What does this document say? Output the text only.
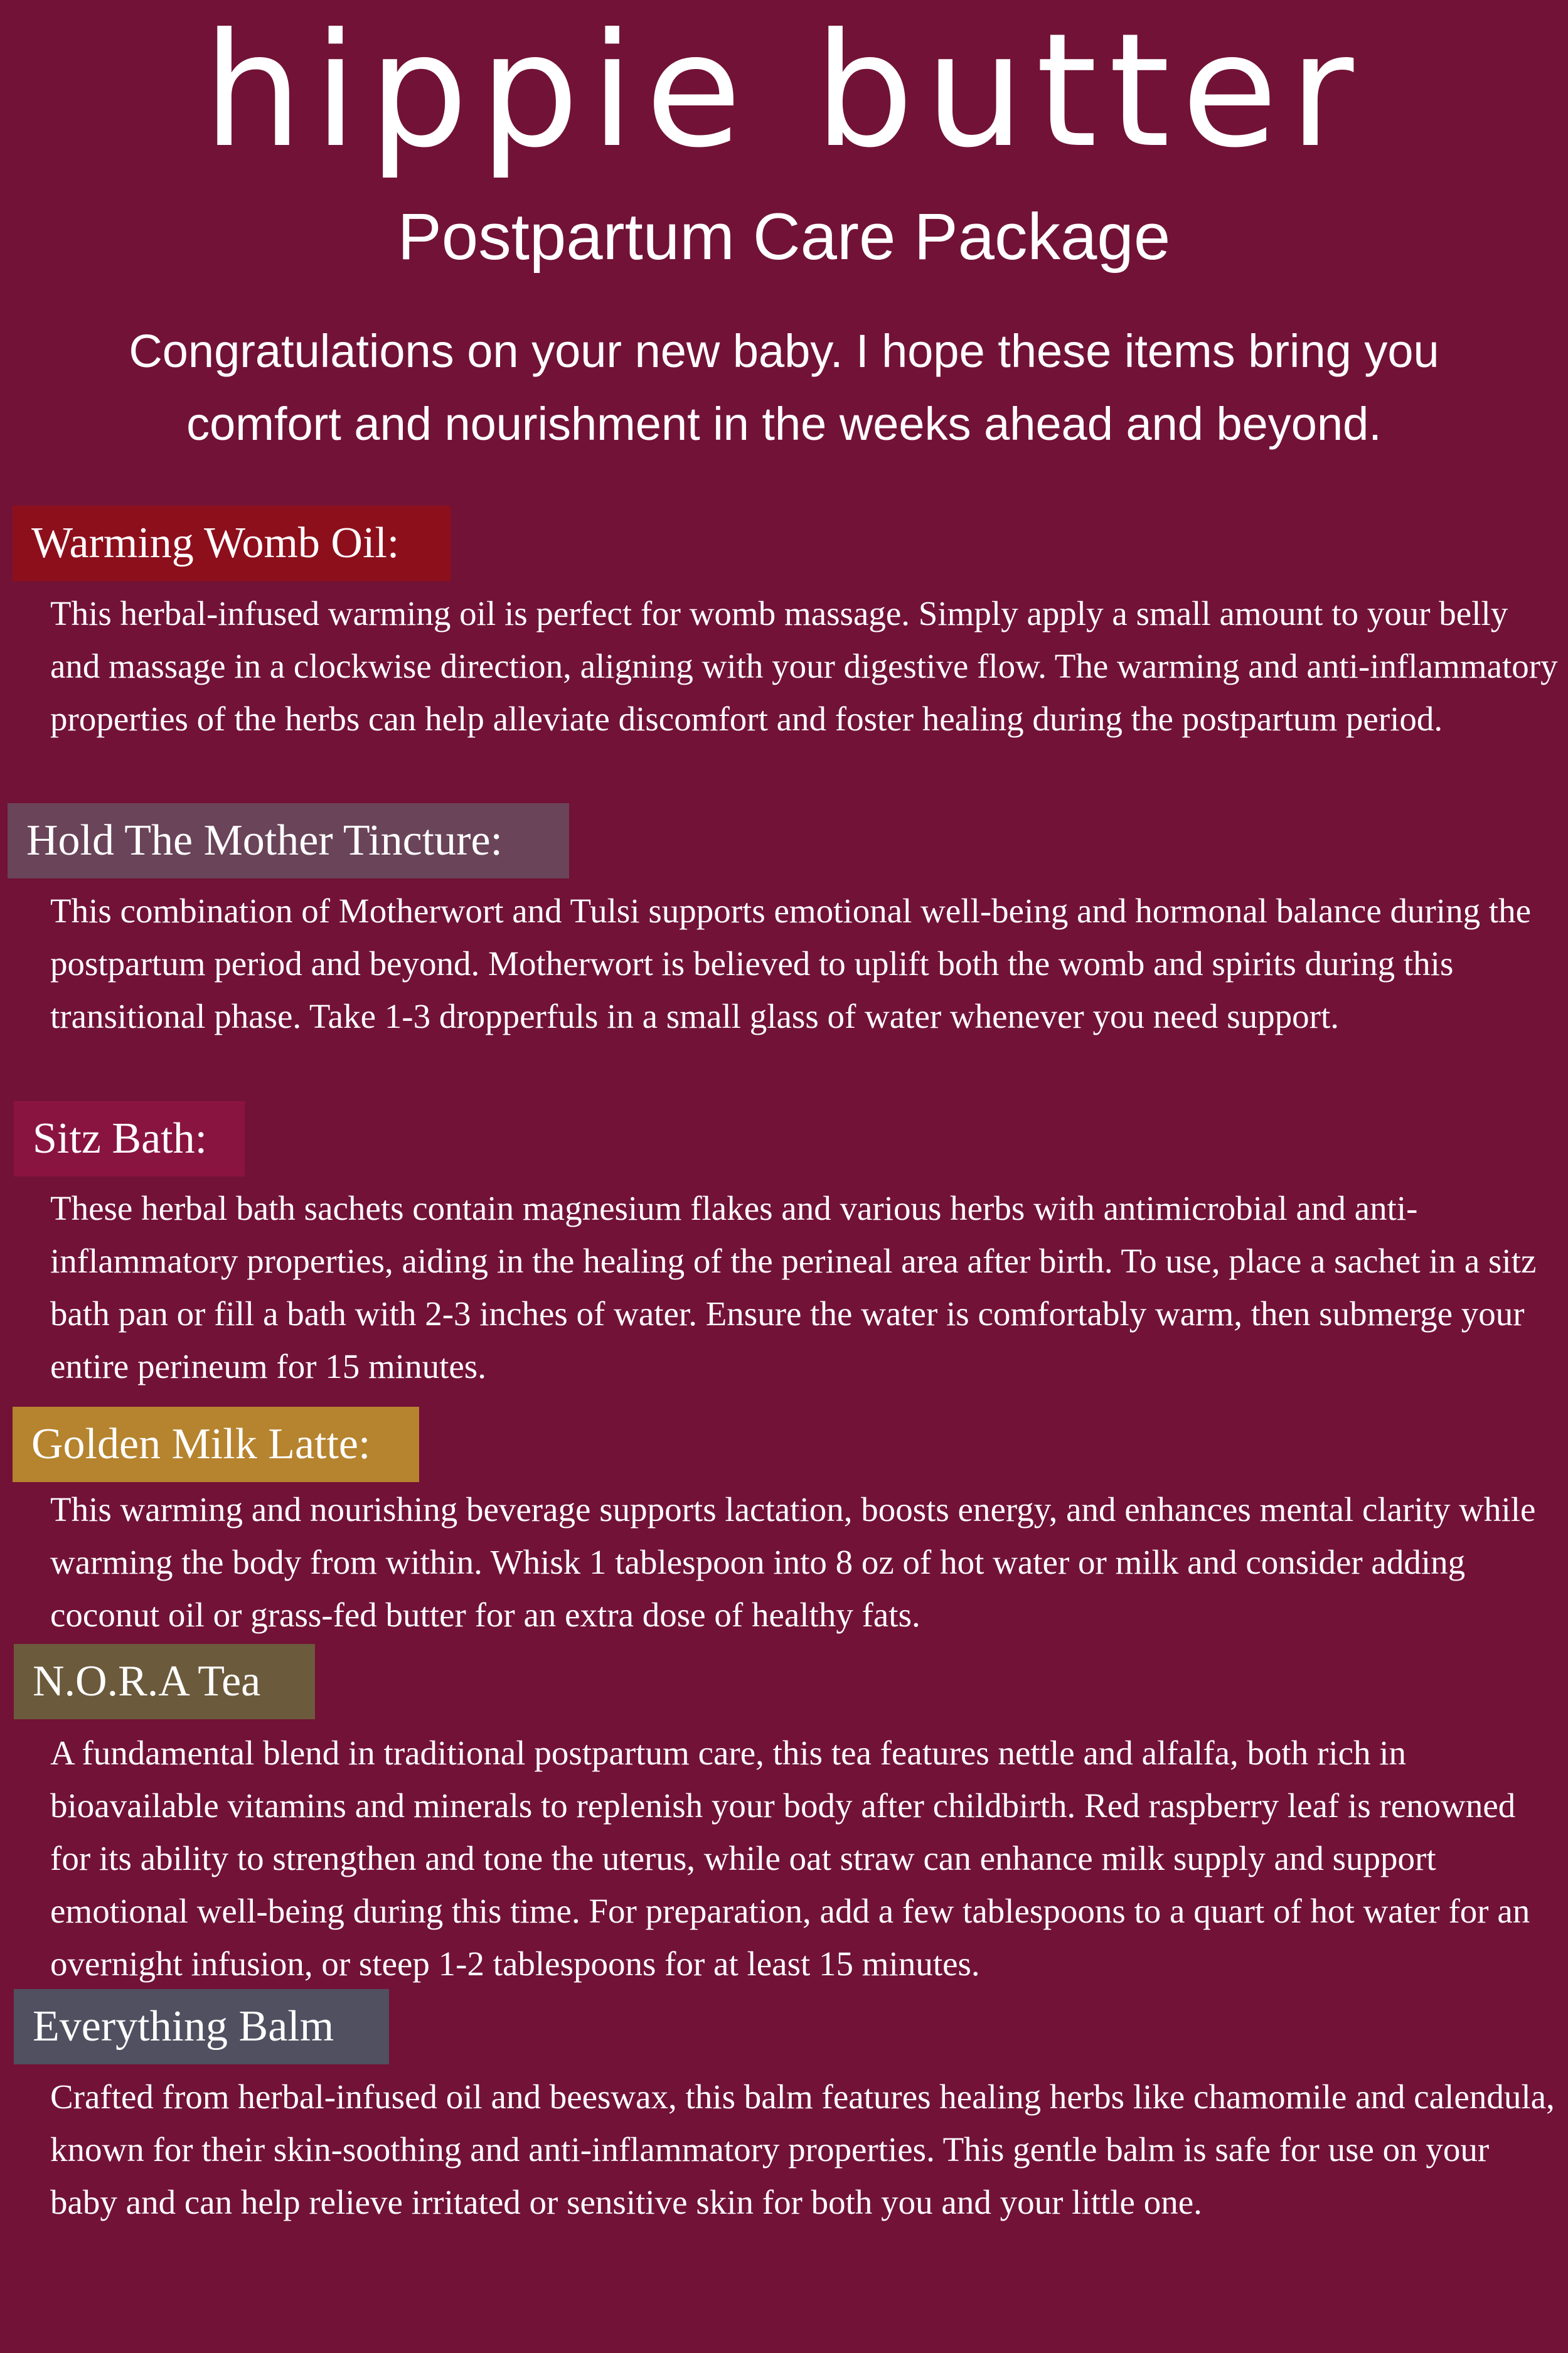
hippie butter
Postpartum Care Package

Congratulations on your new baby. I hope these items bring you comfort and nourishment in the weeks ahead and beyond.

Warming Womb Oil:

This herbal-infused warming oil is perfect for womb massage. Simply apply a small amount to your belly and massage in a clockwise direction, aligning with your digestive flow. The warming and anti-inflammatory properties of the herbs can help alleviate discomfort and foster healing during the postpartum period.

Hold The Mother Tincture:

This combination of Motherwort and Tulsi supports emotional well-being and hormonal balance during the postpartum period and beyond. Motherwort is believed to uplift both the womb and spirits during this transitional phase. Take 1-3 dropperfuls in a small glass of water whenever you need support.

Sitz Bath:

These herbal bath sachets contain magnesium flakes and various herbs with antimicrobial and anti-inflammatory properties, aiding in the healing of the perineal area after birth. To use, place a sachet in a sitz bath pan or fill a bath with 2-3 inches of water. Ensure the water is comfortably warm, then submerge your entire perineum for 15 minutes.

Golden Milk Latte:

This warming and nourishing beverage supports lactation, boosts energy, and enhances mental clarity while warming the body from within. Whisk 1 tablespoon into 8 oz of hot water or milk and consider adding coconut oil or grass-fed butter for an extra dose of healthy fats.

N.O.R.A Tea

A fundamental blend in traditional postpartum care, this tea features nettle and alfalfa, both rich in bioavailable vitamins and minerals to replenish your body after childbirth. Red raspberry leaf is renowned for its ability to strengthen and tone the uterus, while oat straw can enhance milk supply and support emotional well-being during this time. For preparation, add a few tablespoons to a quart of hot water for an overnight infusion, or steep 1-2 tablespoons for at least 15 minutes.

Everything Balm

Crafted from herbal-infused oil and beeswax, this balm features healing herbs like chamomile and calendula, known for their skin-soothing and anti-inflammatory properties. This gentle balm is safe for use on your baby and can help relieve irritated or sensitive skin for both you and your little one.
